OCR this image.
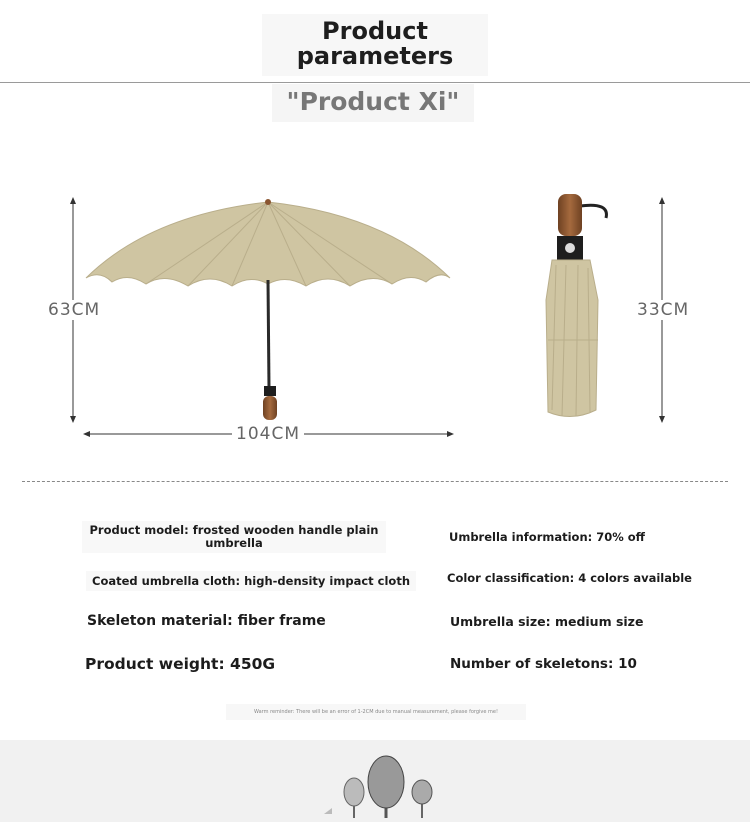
Product
parameters
"Product Xi"
63CM
104CM
33CM
Product model: frosted wooden handle plain umbrella	Umbrella information: 70% off
Coated umbrella cloth: high-density impact cloth	Color classification: 4 colors available
Skeleton material: fiber frame	Umbrella size: medium size
Product weight: 450G	Number of skeletons: 10
Warm reminder: There will be an error of 1-2CM due to manual measurement, please forgive me!
